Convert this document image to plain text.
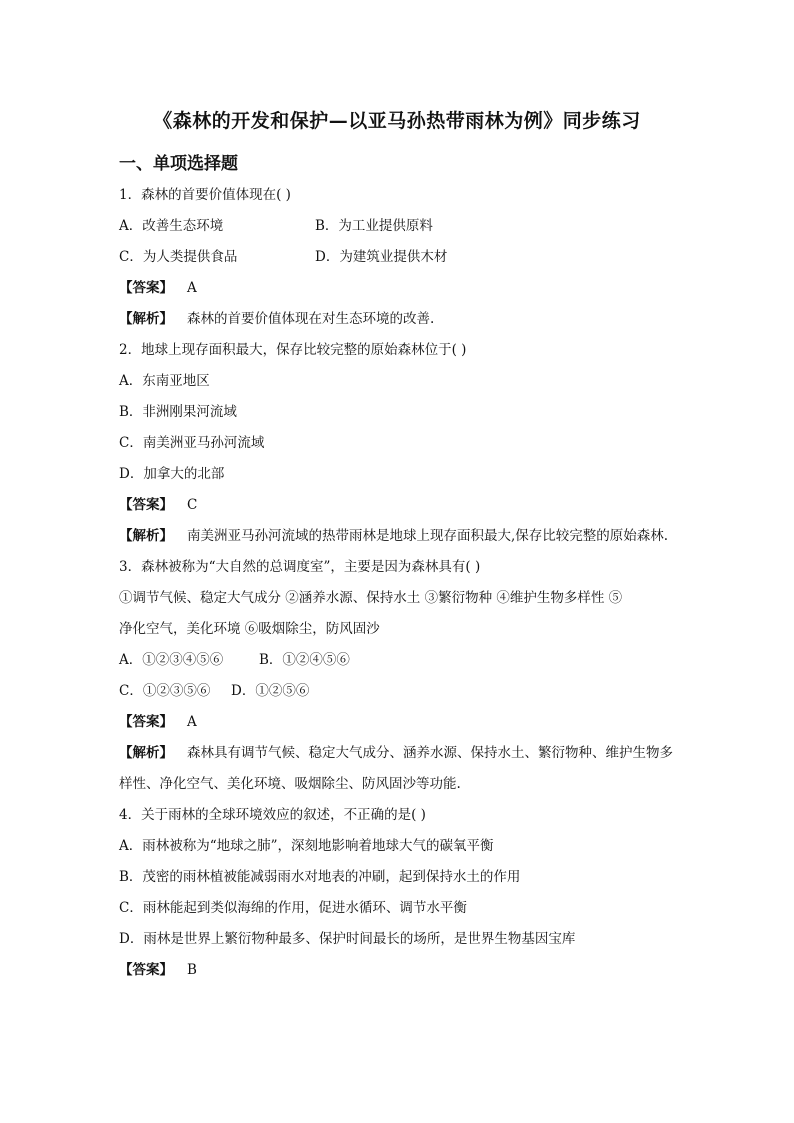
《森林的开发和保护—以亚马孙热带雨林为例》同步练习
一、单项选择题
1．森林的首要价值体现在( )
A．改善生态环境	B．为工业提供原料
C．为人类提供食品	D．为建筑业提供木材
【答案】 A
【解析】 森林的首要价值体现在对生态环境的改善.
2．地球上现存面积最大，保存比较完整的原始森林位于( )
A．东南亚地区
B．非洲刚果河流域
C．南美洲亚马孙河流域
D．加拿大的北部
【答案】 C
【解析】 南美洲亚马孙河流域的热带雨林是地球上现存面积最大,保存比较完整的原始森林.
3．森林被称为“大自然的总调度室”，主要是因为森林具有( )
①调节气候、稳定大气成分 ②涵养水源、保持水土 ③繁衍物种 ④维护生物多样性 ⑤
净化空气，美化环境 ⑥吸烟除尘，防风固沙
A．①②③④⑤⑥	B．①②④⑤⑥
C．①②③⑤⑥	D．①②⑤⑥
【答案】 A
【解析】 森林具有调节气候、稳定大气成分、涵养水源、保持水土、繁衍物种、维护生物多样性、净化空气、美化环境、吸烟除尘、防风固沙等功能.
4．关于雨林的全球环境效应的叙述，不正确的是( )
A．雨林被称为“地球之肺”，深刻地影响着地球大气的碳氧平衡
B．茂密的雨林植被能减弱雨水对地表的冲刷，起到保持水土的作用
C．雨林能起到类似海绵的作用，促进水循环、调节水平衡
D．雨林是世界上繁衍物种最多、保护时间最长的场所，是世界生物基因宝库
【答案】 B
